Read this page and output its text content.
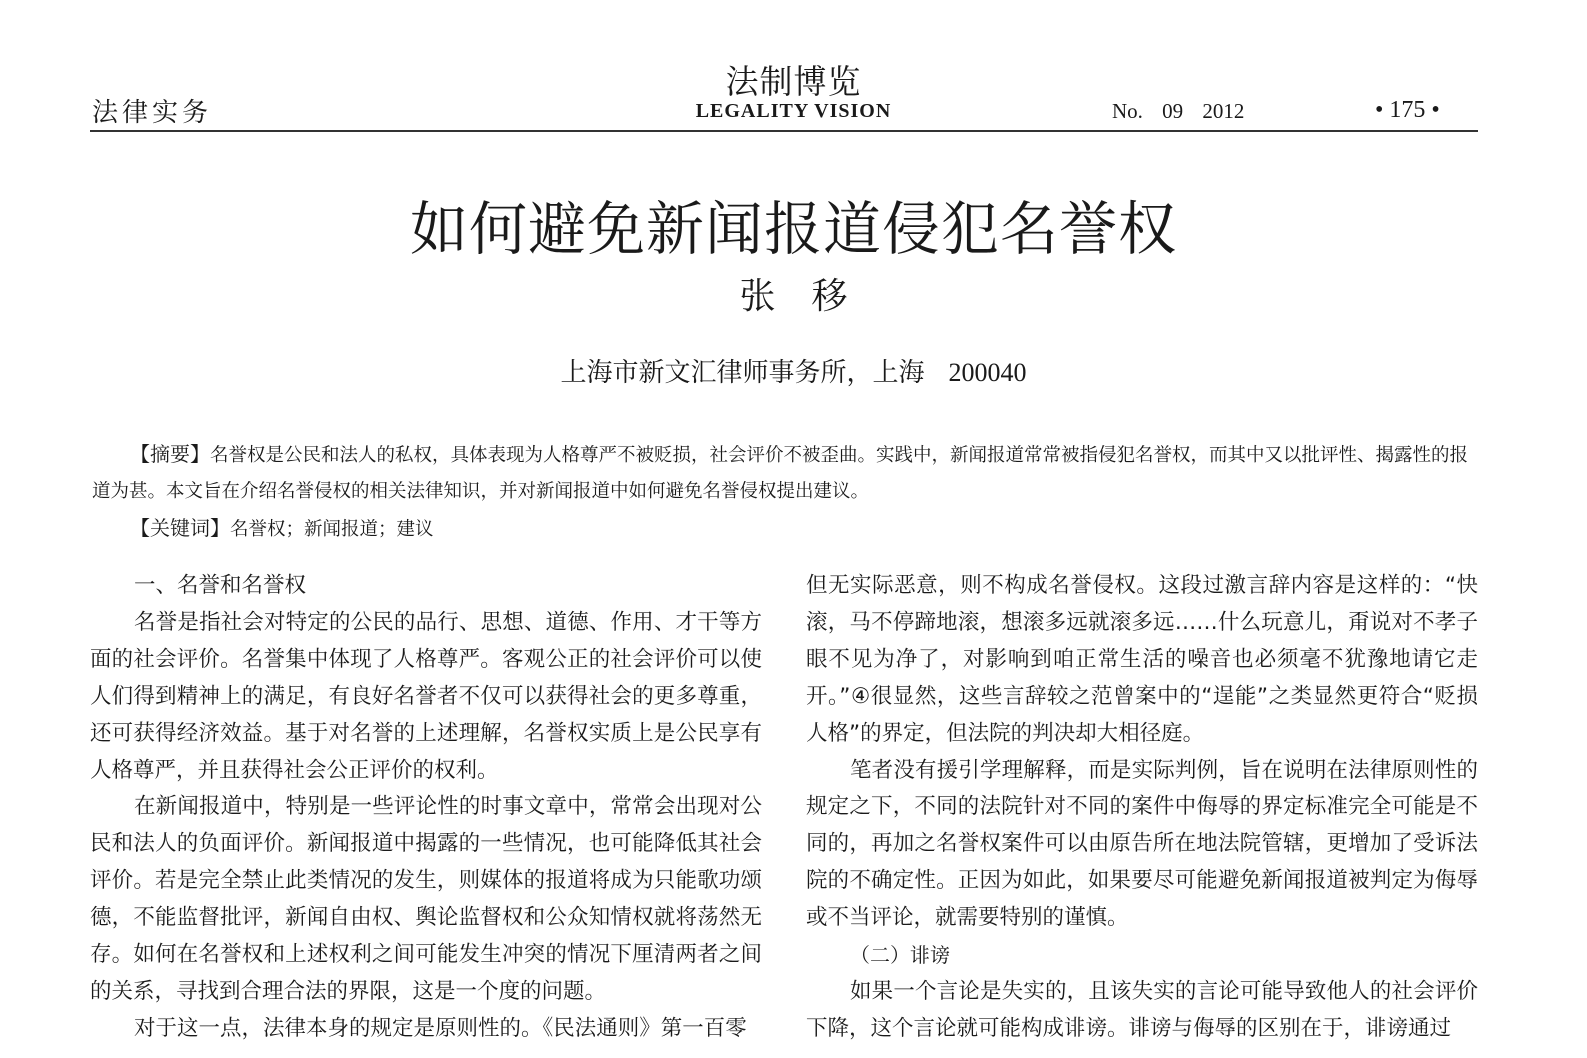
法律实务
法制博览
LEGALITY VISION	No. 09 2012	• 175 •
如何避免新闻报道侵犯名誉权
张移
上海市新文汇律师事务所，上海 200040

【摘要】名誉权是公民和法人的私权，具体表现为人格尊严不被贬损，社会评价不被歪曲。实践中，新闻报道常常被指侵犯名誉权，而其中又以批评性、揭露性的报道为甚。本文旨在介绍名誉侵权的相关法律知识，并对新闻报道中如何避免名誉侵权提出建议。

【关键词】名誉权；新闻报道；建议

一、名誉和名誉权

名誉是指社会对特定的公民的品行、思想、道德、作用、才干等方面的社会评价。名誉集中体现了人格尊严。客观公正的社会评价可以使人们得到精神上的满足，有良好名誉者不仅可以获得社会的更多尊重，还可获得经济效益。基于对名誉的上述理解，名誉权实质上是公民享有人格尊严，并且获得社会公正评价的权利。

在新闻报道中，特别是一些评论性的时事文章中，常常会出现对公民和法人的负面评价。新闻报道中揭露的一些情况，也可能降低其社会评价。若是完全禁止此类情况的发生，则媒体的报道将成为只能歌功颂德，不能监督批评，新闻自由权、舆论监督权和公众知情权就将荡然无存。如何在名誉权和上述权利之间可能发生冲突的情况下厘清两者之间的关系，寻找到合理合法的界限，这是一个度的问题。

对于这一点，法律本身的规定是原则性的。《民法通则》第一百零

但无实际恶意，则不构成名誉侵权。这段过激言辞内容是这样的：“快滚，马不停蹄地滚，想滚多远就滚多远……什么玩意儿，甭说对不孝子眼不见为净了，对影响到咱正常生活的噪音也必须毫不犹豫地请它走开。”④很显然，这些言辞较之范曾案中的“逞能”之类显然更符合“贬损人格”的界定，但法院的判决却大相径庭。

笔者没有援引学理解释，而是实际判例，旨在说明在法律原则性的规定之下，不同的法院针对不同的案件中侮辱的界定标准完全可能是不同的，再加之名誉权案件可以由原告所在地法院管辖，更增加了受诉法院的不确定性。正因为如此，如果要尽可能避免新闻报道被判定为侮辱或不当评论，就需要特别的谨慎。

（二）诽谤

如果一个言论是失实的，且该失实的言论可能导致他人的社会评价下降，这个言论就可能构成诽谤。诽谤与侮辱的区别在于，诽谤通过
